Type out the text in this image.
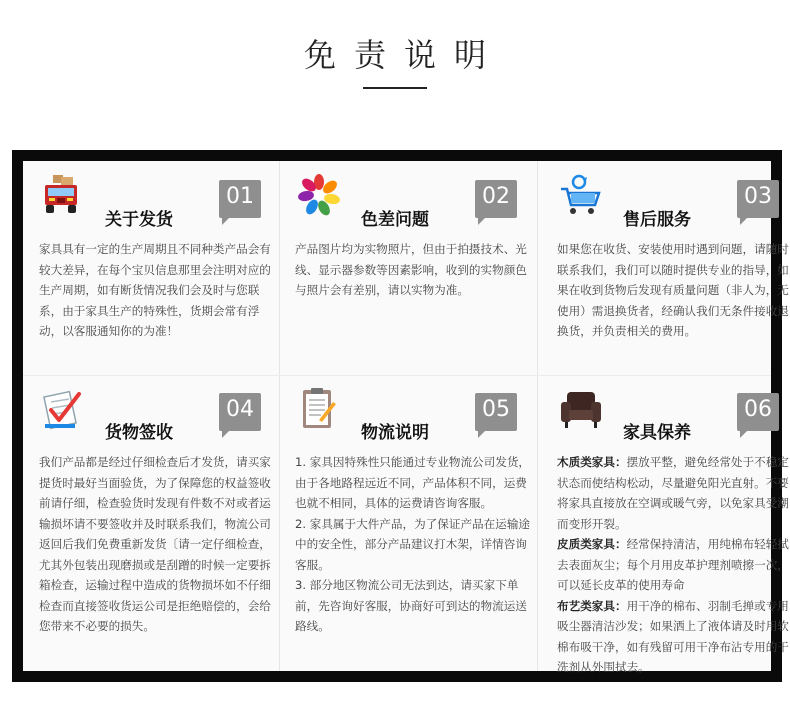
免责说明
关于发货
01

家具具有一定的生产周期且不同种类产品会有较大差异，在每个宝贝信息那里会注明对应的生产周期，如有断货情况我们会及时与您联系，由于家具生产的特殊性，货期会常有浮动，以客服通知你的为准！

色差问题
02

产品图片均为实物照片，但由于拍摄技术、光线、显示器参数等因素影响，收到的实物颜色与照片会有差别，请以实物为准。

售后服务
03

如果您在收货、安装使用时遇到问题，请随时联系我们，我们可以随时提供专业的指导，如果在收到货物后发现有质量问题（非人为，无使用）需退换货者，经确认我们无条件接收退换货，并负责相关的费用。

货物签收
04

我们产品都是经过仔细检查后才发货，请买家提货时最好当面验货，为了保障您的权益签收前请仔细，检查验货时发现有件数不对或者运输损坏请不要签收并及时联系我们，物流公司返回后我们免费重新发货〔请一定仔细检查，尤其外包装出现磨损或是刮蹭的时候一定要拆箱检查，运输过程中造成的货物损坏如不仔细检查而直接签收货运公司是拒绝赔偿的，会给您带来不必要的损失。

物流说明
05

1. 家具因特殊性只能通过专业物流公司发货，由于各地路程远近不同，产品体积不同，运费也就不相同，具体的运费请咨询客服。

2. 家具属于大件产品，为了保证产品在运输途中的安全性，部分产品建议打木架，详情咨询客服。

3. 部分地区物流公司无法到达，请买家下单前，先咨询好客服，协商好可到达的物流运送路线。

家具保养
06

木质类家具：摆放平整，避免经常处于不稳定状态而使结构松动，尽量避免阳光直射。不要将家具直接放在空调或暖气旁，以免家具受潮而变形开裂。

皮质类家具：经常保持清洁，用纯棉布轻轻拭去表面灰尘；每个月用皮革护理剂喷擦一次，可以延长皮革的使用寿命

布艺类家具：用干净的棉布、羽制毛掸或专用吸尘器清洁沙发；如果洒上了液体请及时用软棉布吸干净，如有残留可用干净布沾专用的干洗剂从外围拭去。
